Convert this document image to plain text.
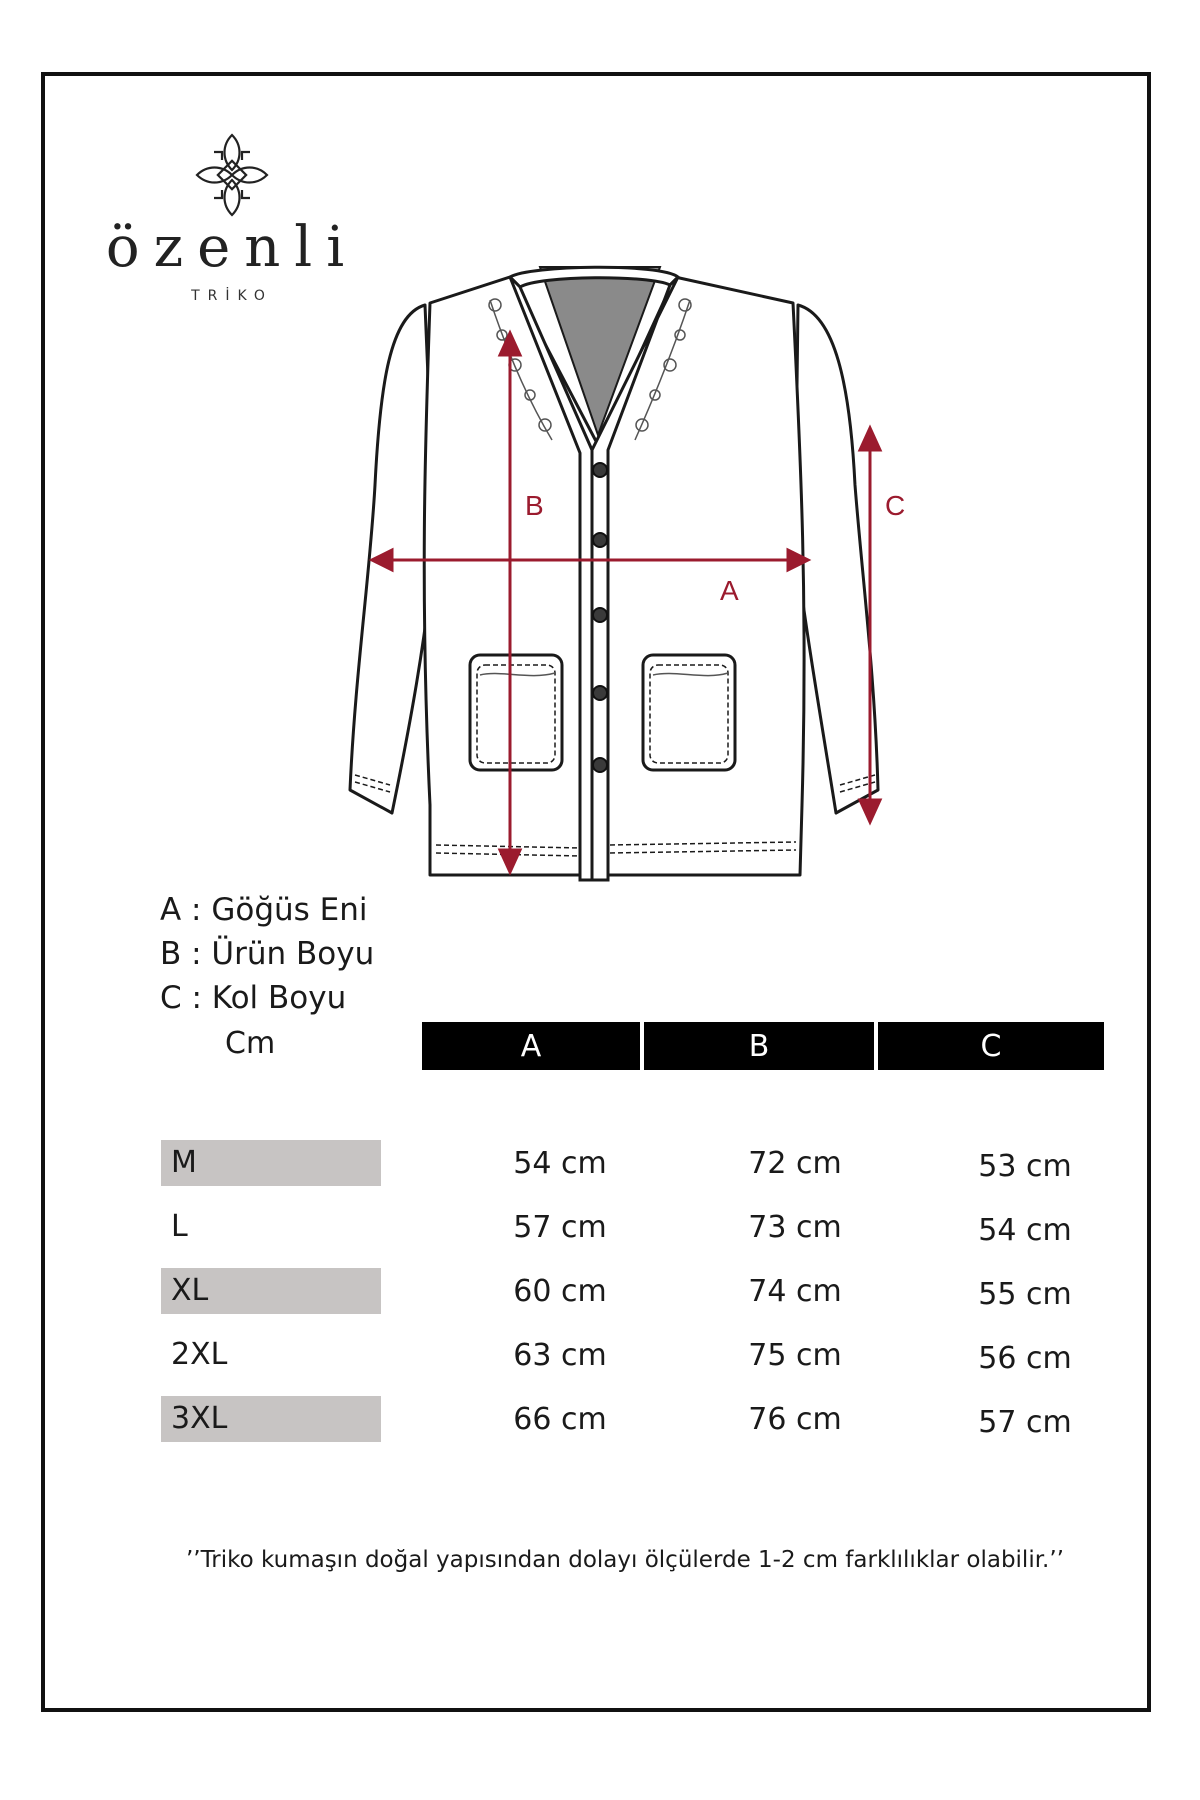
özenli
TRİKO
A
B	C
A : Göğüs Eni
B : Ürün Boyu
C : Kol Boyu
Cm	A	B	C
M	54 cm	72 cm	53 cm
L	57 cm	73 cm	54 cm
XL	60 cm	74 cm	55 cm
2XL	63 cm	75 cm	56 cm
3XL	66 cm	76 cm	57 cm
’’Triko kumaşın doğal yapısından dolayı ölçülerde 1-2 cm farklılıklar olabilir.’’
